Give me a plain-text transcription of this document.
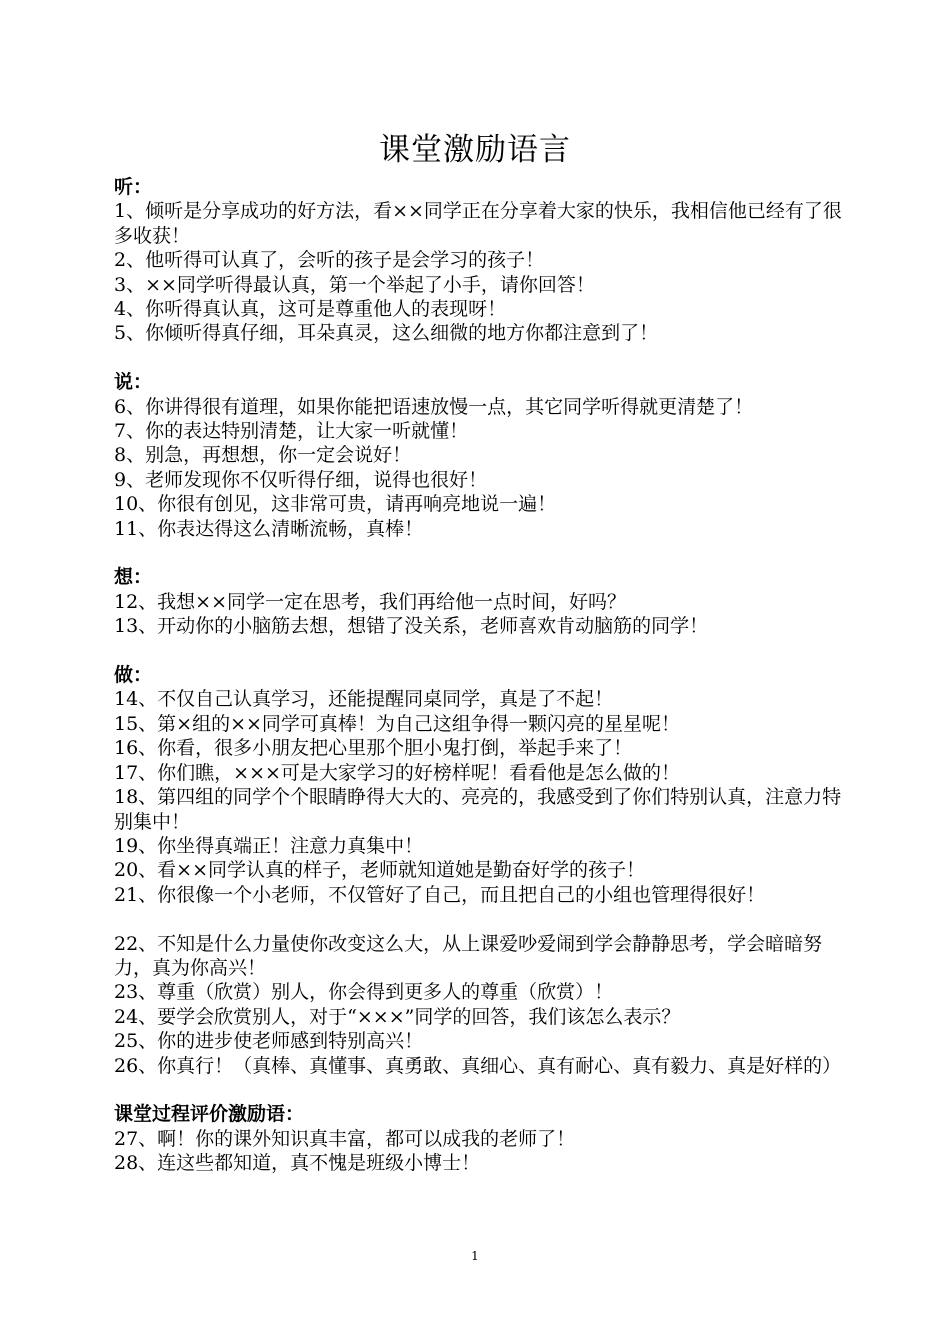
课堂激励语言
听：
1、倾听是分享成功的好方法，看××同学正在分享着大家的快乐，我相信他已经有了很多收获！
2、他听得可认真了，会听的孩子是会学习的孩子！
3、××同学听得最认真，第一个举起了小手，请你回答！
4、你听得真认真，这可是尊重他人的表现呀！
5、你倾听得真仔细，耳朵真灵，这么细微的地方你都注意到了！
说：
6、你讲得很有道理，如果你能把语速放慢一点，其它同学听得就更清楚了！
7、你的表达特别清楚，让大家一听就懂！
8、别急，再想想，你一定会说好！
9、老师发现你不仅听得仔细，说得也很好！
10、你很有创见，这非常可贵，请再响亮地说一遍！
11、你表达得这么清晰流畅，真棒！
想：
12、我想××同学一定在思考，我们再给他一点时间，好吗？
13、开动你的小脑筋去想，想错了没关系，老师喜欢肯动脑筋的同学！
做：
14、不仅自己认真学习，还能提醒同桌同学，真是了不起！
15、第×组的××同学可真棒！为自己这组争得一颗闪亮的星星呢！
16、你看，很多小朋友把心里那个胆小鬼打倒，举起手来了！
17、你们瞧，×××可是大家学习的好榜样呢！看看他是怎么做的！
18、第四组的同学个个眼睛睁得大大的、亮亮的，我感受到了你们特别认真，注意力特别集中！
19、你坐得真端正！注意力真集中！
20、看××同学认真的样子，老师就知道她是勤奋好学的孩子！
21、你很像一个小老师，不仅管好了自己，而且把自己的小组也管理得很好！
22、不知是什么力量使你改变这么大，从上课爱吵爱闹到学会静静思考，学会暗暗努力，真为你高兴！
23、尊重（欣赏）别人，你会得到更多人的尊重（欣赏）！
24、要学会欣赏别人，对于“×××”同学的回答，我们该怎么表示？
25、你的进步使老师感到特别高兴！
26、你真行！（真棒、真懂事、真勇敢、真细心、真有耐心、真有毅力、真是好样的）
课堂过程评价激励语：
27、啊！你的课外知识真丰富，都可以成我的老师了！
28、连这些都知道，真不愧是班级小博士！
1
